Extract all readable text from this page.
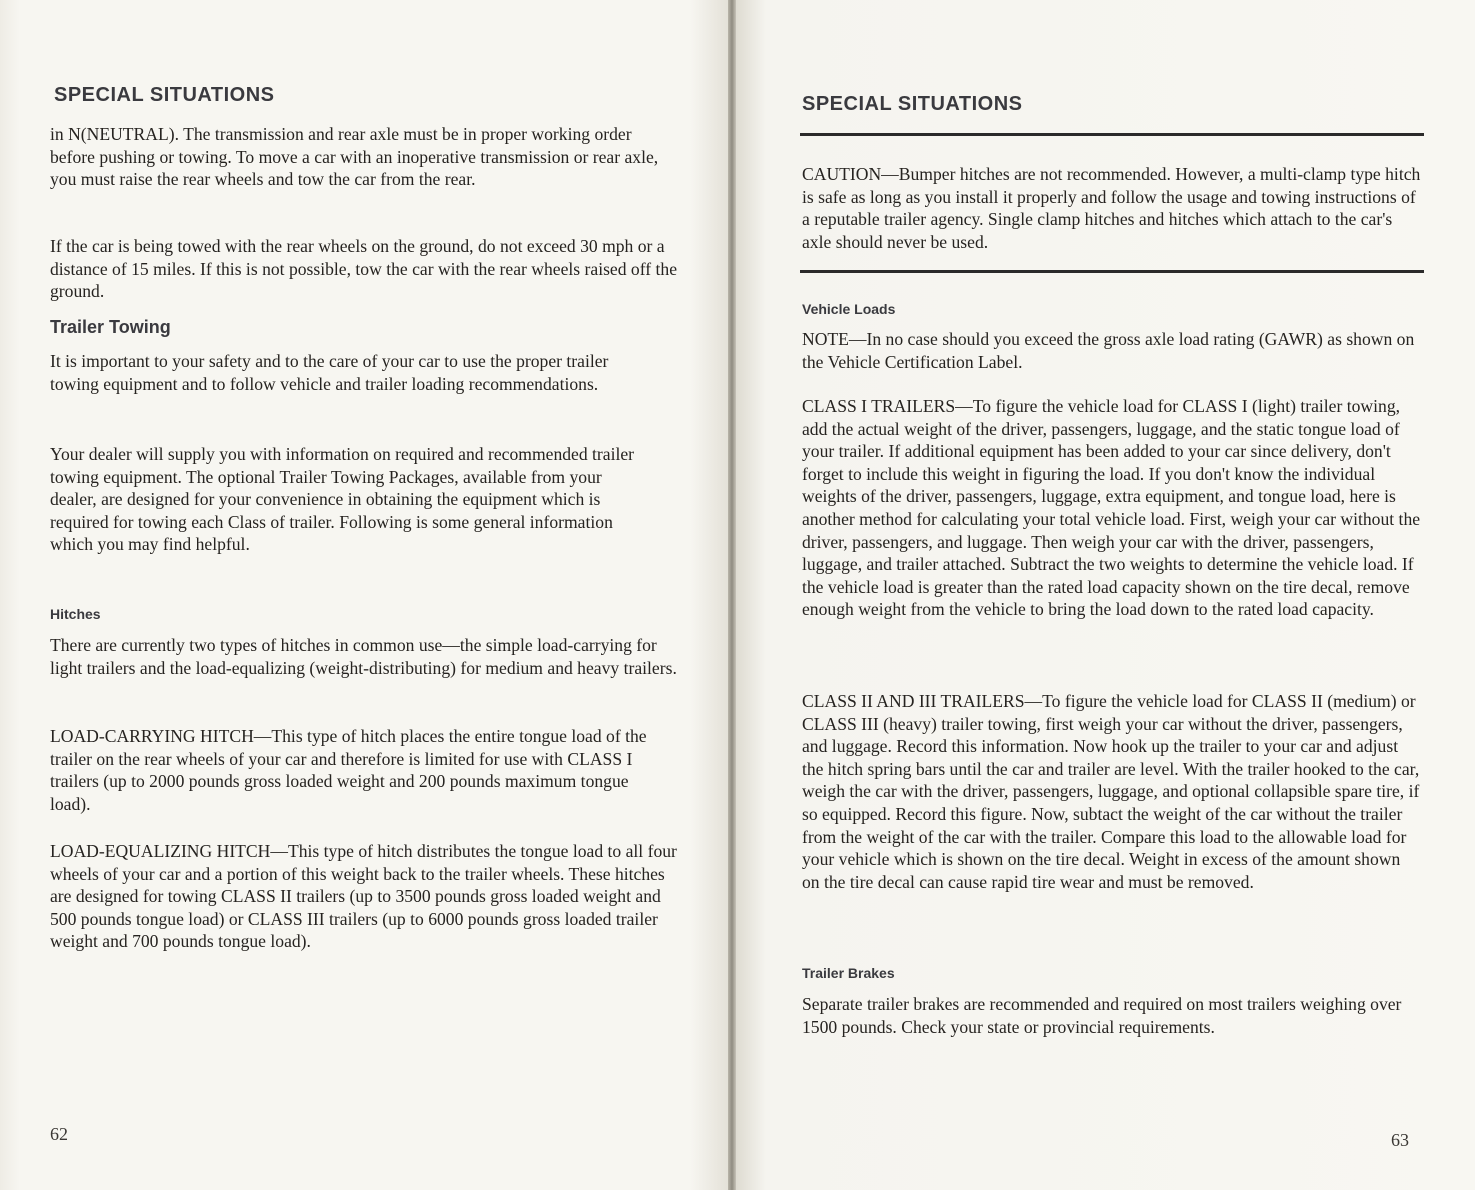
SPECIAL SITUATIONS

in N(NEUTRAL). The transmission and rear axle must be in proper working order before pushing or towing. To move a car with an inoperative transmission or rear axle, you must raise the rear wheels and tow the car from the rear.

If the car is being towed with the rear wheels on the ground, do not exceed 30 mph or a distance of 15 miles. If this is not possible, tow the car with the rear wheels raised off the ground.

Trailer Towing

It is important to your safety and to the care of your car to use the proper trailer towing equipment and to follow vehicle and trailer loading recommendations.

Your dealer will supply you with information on required and recommended trailer towing equipment. The optional Trailer Towing Packages, available from your dealer, are designed for your convenience in obtaining the equipment which is required for towing each Class of trailer. Following is some general information which you may find helpful.

Hitches

There are currently two types of hitches in common use—the simple load-carrying for light trailers and the load-equalizing (weight-distributing) for medium and heavy trailers.

LOAD-CARRYING HITCH—This type of hitch places the entire tongue load of the trailer on the rear wheels of your car and therefore is limited for use with CLASS I trailers (up to 2000 pounds gross loaded weight and 200 pounds maximum tongue load).

LOAD-EQUALIZING HITCH—This type of hitch distributes the tongue load to all four wheels of your car and a portion of this weight back to the trailer wheels. These hitches are designed for towing CLASS II trailers (up to 3500 pounds gross loaded weight and 500 pounds tongue load) or CLASS III trailers (up to 6000 pounds gross loaded trailer weight and 700 pounds tongue load).

62
SPECIAL SITUATIONS

CAUTION—Bumper hitches are not recommended. However, a multi-clamp type hitch is safe as long as you install it properly and follow the usage and towing instructions of a reputable trailer agency. Single clamp hitches and hitches which attach to the car's axle should never be used.

Vehicle Loads

NOTE—In no case should you exceed the gross axle load rating (GAWR) as shown on the Vehicle Certification Label.

CLASS I TRAILERS—To figure the vehicle load for CLASS I (light) trailer towing, add the actual weight of the driver, passengers, luggage, and the static tongue load of your trailer. If additional equipment has been added to your car since delivery, don't forget to include this weight in figuring the load. If you don't know the individual weights of the driver, passengers, luggage, extra equipment, and tongue load, here is another method for calculating your total vehicle load. First, weigh your car without the driver, passengers, and luggage. Then weigh your car with the driver, passengers, luggage, and trailer attached. Subtract the two weights to determine the vehicle load. If the vehicle load is greater than the rated load capacity shown on the tire decal, remove enough weight from the vehicle to bring the load down to the rated load capacity.

CLASS II AND III TRAILERS—To figure the vehicle load for CLASS II (medium) or CLASS III (heavy) trailer towing, first weigh your car without the driver, passengers, and luggage. Record this information. Now hook up the trailer to your car and adjust the hitch spring bars until the car and trailer are level. With the trailer hooked to the car, weigh the car with the driver, passengers, luggage, and optional collapsible spare tire, if so equipped. Record this figure. Now, subtact the weight of the car without the trailer from the weight of the car with the trailer. Compare this load to the allowable load for your vehicle which is shown on the tire decal. Weight in excess of the amount shown on the tire decal can cause rapid tire wear and must be removed.

Trailer Brakes

Separate trailer brakes are recommended and required on most trailers weighing over 1500 pounds. Check your state or provincial requirements.

63
